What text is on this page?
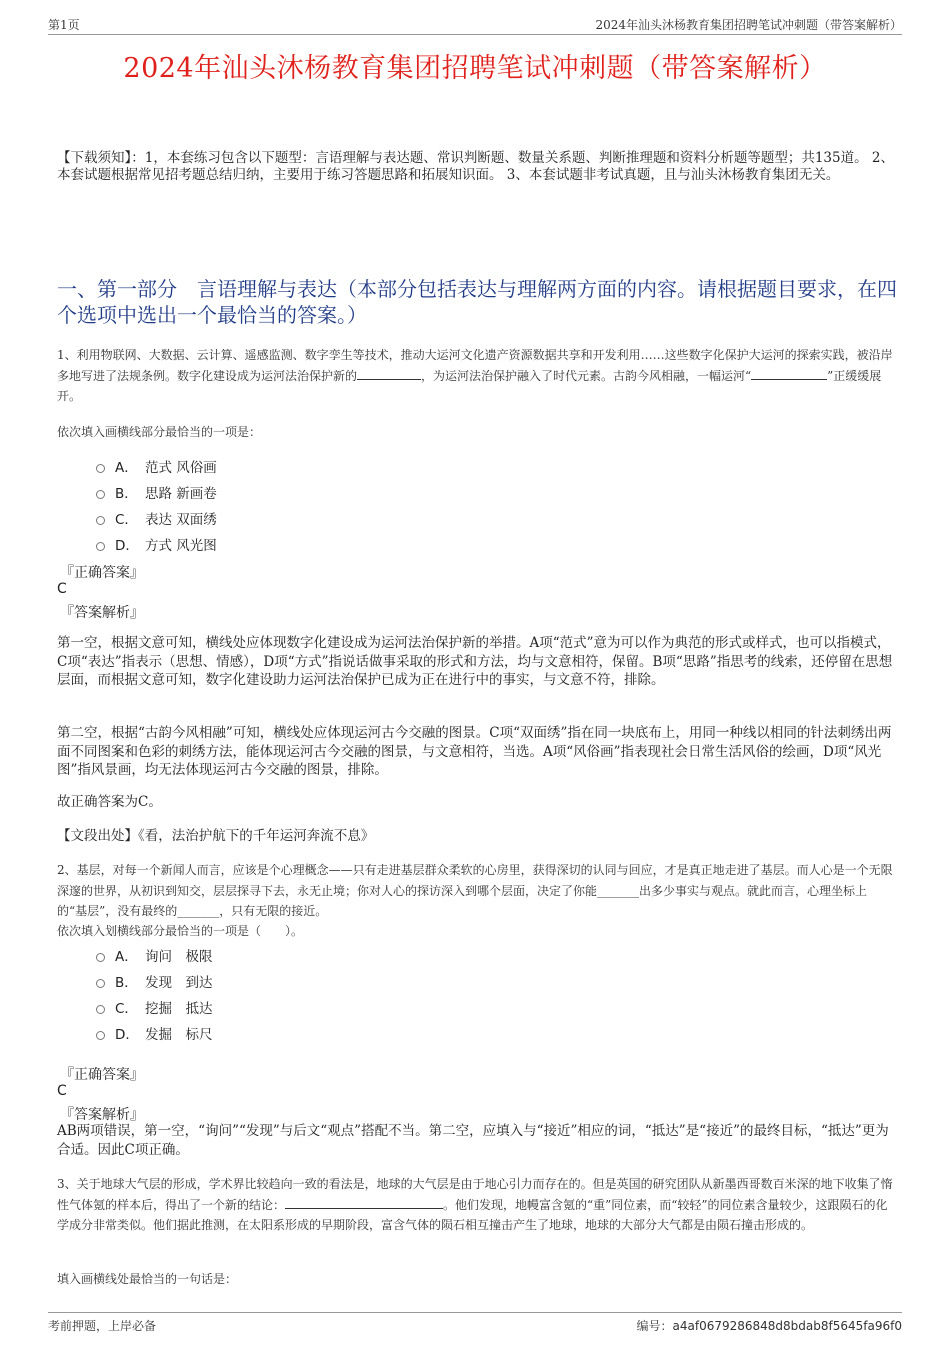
第1页	2024年汕头沐杨教育集团招聘笔试冲刺题（带答案解析）
2024年汕头沐杨教育集团招聘笔试冲刺题（带答案解析）
【下载须知】：1，本套练习包含以下题型：言语理解与表达题、常识判断题、数量关系题、判断推理题和资料分析题等题型；共135道。 2、本套试题根据常见招考题总结归纳，主要用于练习答题思路和拓展知识面。 3、本套试题非考试真题，且与汕头沐杨教育集团无关。
一、第一部分　言语理解与表达（本部分包括表达与理解两方面的内容。请根据题目要求，在四个选项中选出一个最恰当的答案。）
1、利用物联网、大数据、云计算、遥感监测、数字孪生等技术，推动大运河文化遗产资源数据共享和开发利用……这些数字化保护大运河的探索实践，被沿岸多地写进了法规条例。数字化建设成为运河法治保护新的	，为运河法治保护融入了时代元素。古韵今风相融，一幅运河“	”正缓缓展开。
依次填入画横线部分最恰当的一项是：
A． 范式 风俗画
B． 思路 新画卷
C． 表达 双面绣
D． 方式 风光图
『正确答案』
C
『答案解析』
第一空，根据文意可知，横线处应体现数字化建设成为运河法治保护新的举措。A项“范式”意为可以作为典范的形式或样式，也可以指模式，C项“表达”指表示（思想、情感），D项“方式”指说话做事采取的形式和方法，均与文意相符，保留。B项“思路”指思考的线索，还停留在思想层面，而根据文意可知，数字化建设助力运河法治保护已成为正在进行中的事实，与文意不符，排除。
第二空，根据“古韵今风相融”可知，横线处应体现运河古今交融的图景。C项“双面绣”指在同一块底布上，用同一种线以相同的针法刺绣出两面不同图案和色彩的刺绣方法，能体现运河古今交融的图景，与文意相符，当选。A项“风俗画”指表现社会日常生活风俗的绘画，D项“风光图”指风景画，均无法体现运河古今交融的图景，排除。
故正确答案为C。
【文段出处】《看，法治护航下的千年运河奔流不息》
2、基层，对每一个新闻人而言，应该是个心理概念——只有走进基层群众柔软的心房里，获得深切的认同与回应，才是真正地走进了基层。而人心是一个无限深邃的世界，从初识到知交，层层探寻下去，永无止境；你对人心的探访深入到哪个层面，决定了你能_______出多少事实与观点。就此而言，心理坐标上的“基层”，没有最终的_______，只有无限的接近。
依次填入划横线部分最恰当的一项是（　　）。
A． 询问　极限
B． 发现　到达
C． 挖掘　抵达
D． 发掘　标尺
『正确答案』
C
『答案解析』
AB两项错误，第一空，“询问”“发现”与后文“观点”搭配不当。第二空，应填入与“接近”相应的词，“抵达”是“接近”的最终目标，“抵达”更为合适。因此C项正确。
3、关于地球大气层的形成，学术界比较趋向一致的看法是，地球的大气层是由于地心引力而存在的。但是英国的研究团队从新墨西哥数百米深的地下收集了惰性气体氪的样本后，得出了一个新的结论：	。他们发现，地幔富含氪的“重”同位素，而“较轻”的同位素含量较少，这跟陨石的化学成分非常类似。他们据此推测，在太阳系形成的早期阶段，富含气体的陨石相互撞击产生了地球，地球的大部分大气都是由陨石撞击形成的。
填入画横线处最恰当的一句话是：
考前押题，上岸必备	编号：a4af0679286848d8bdab8f5645fa96f0
